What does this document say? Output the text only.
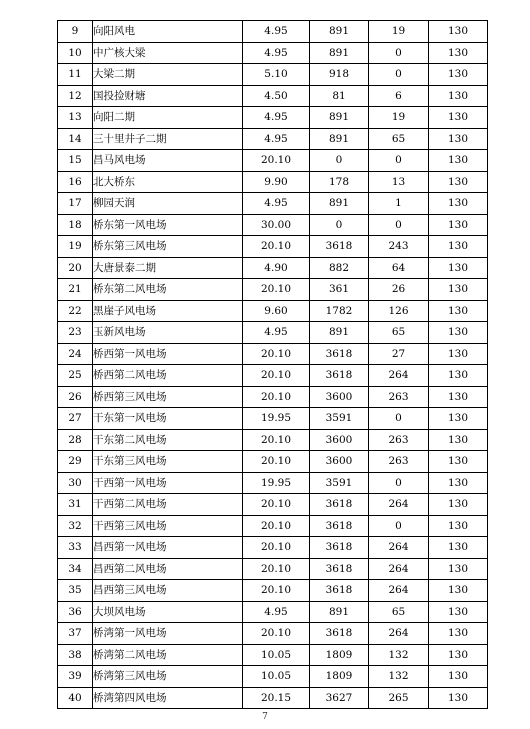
9	向阳风电	4.95	891	19	130
10	中广核大梁	4.95	891	0	130
11	大梁二期	5.10	918	0	130
12	国投捡财塘	4.50	81	6	130
13	向阳二期	4.95	891	19	130
14	三十里井子二期	4.95	891	65	130
15	昌马风电场	20.10	0	0	130
16	北大桥东	9.90	178	13	130
17	柳园天润	4.95	891	1	130
18	桥东第一风电场	30.00	0	0	130
19	桥东第三风电场	20.10	3618	243	130
20	大唐景泰二期	4.90	882	64	130
21	桥东第二风电场	20.10	361	26	130
22	黑崖子风电场	9.60	1782	126	130
23	玉新风电场	4.95	891	65	130
24	桥西第一风电场	20.10	3618	27	130
25	桥西第二风电场	20.10	3618	264	130
26	桥西第三风电场	20.10	3600	263	130
27	干东第一风电场	19.95	3591	0	130
28	干东第二风电场	20.10	3600	263	130
29	干东第三风电场	20.10	3600	263	130
30	干西第一风电场	19.95	3591	0	130
31	干西第二风电场	20.10	3618	264	130
32	干西第三风电场	20.10	3618	0	130
33	昌西第一风电场	20.10	3618	264	130
34	昌西第二风电场	20.10	3618	264	130
35	昌西第三风电场	20.10	3618	264	130
36	大坝风电场	4.95	891	65	130
37	桥湾第一风电场	20.10	3618	264	130
38	桥湾第二风电场	10.05	1809	132	130
39	桥湾第三风电场	10.05	1809	132	130
40	桥湾第四风电场	20.15	3627	265	130
7
